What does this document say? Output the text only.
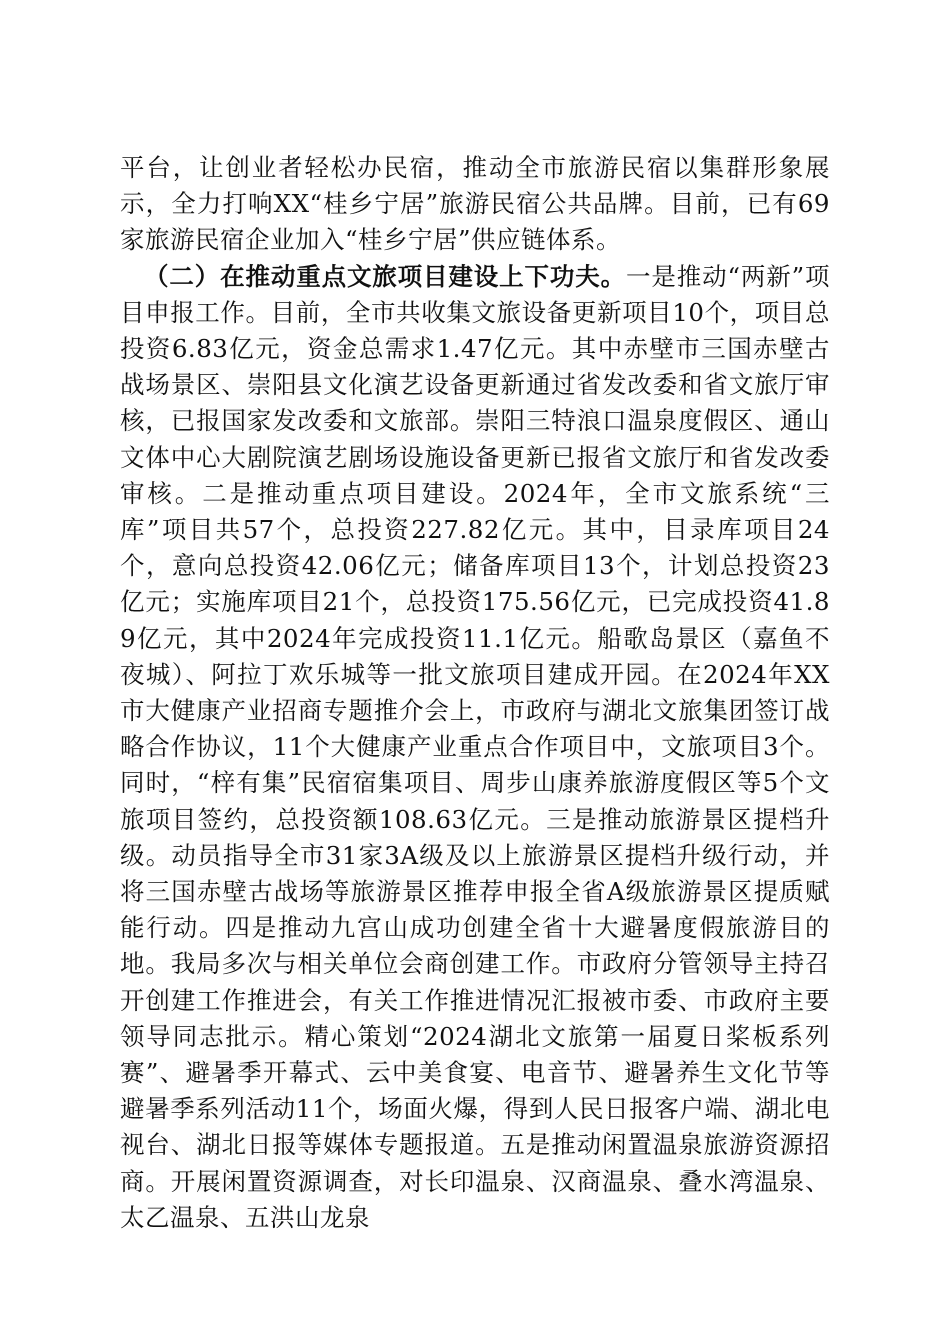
平台，让创业者轻松办民宿，推动全市旅游民宿以集群形象展示，全力打响XX“桂乡宁居”旅游民宿公共品牌。目前，已有69家旅游民宿企业加入“桂乡宁居”供应链体系。

（二）在推动重点文旅项目建设上下功夫。一是推动“两新”项目申报工作。目前，全市共收集文旅设备更新项目10个，项目总投资6.83亿元，资金总需求1.47亿元。其中赤壁市三国赤壁古战场景区、崇阳县文化演艺设备更新通过省发改委和省文旅厅审核，已报国家发改委和文旅部。崇阳三特浪口温泉度假区、通山文体中心大剧院演艺剧场设施设备更新已报省文旅厅和省发改委审核。二是推动重点项目建设。2024年，全市文旅系统“三库”项目共57个，总投资227.82亿元。其中，目录库项目24个，意向总投资42.06亿元；储备库项目13个，计划总投资23亿元；实施库项目21个，总投资175.56亿元，已完成投资41.89亿元，其中2024年完成投资11.1亿元。船歌岛景区（嘉鱼不夜城）、阿拉丁欢乐城等一批文旅项目建成开园。在2024年XX市大健康产业招商专题推介会上，市政府与湖北文旅集团签订战略合作协议，11个大健康产业重点合作项目中，文旅项目3个。同时，“梓有集”民宿宿集项目、周步山康养旅游度假区等5个文旅项目签约，总投资额108.63亿元。三是推动旅游景区提档升级。动员指导全市31家3A级及以上旅游景区提档升级行动，并将三国赤壁古战场等旅游景区推荐申报全省A级旅游景区提质赋能行动。四是推动九宫山成功创建全省十大避暑度假旅游目的地。我局多次与相关单位会商创建工作。市政府分管领导主持召开创建工作推进会，有关工作推进情况汇报被市委、市政府主要领导同志批示。精心策划“2024湖北文旅第一届夏日桨板系列赛”、避暑季开幕式、云中美食宴、电音节、避暑养生文化节等避暑季系列活动11个，场面火爆，得到人民日报客户端、湖北电视台、湖北日报等媒体专题报道。五是推动闲置温泉旅游资源招商。开展闲置资源调查，对长印温泉、汉商温泉、叠水湾温泉、太乙温泉、五洪山龙泉
